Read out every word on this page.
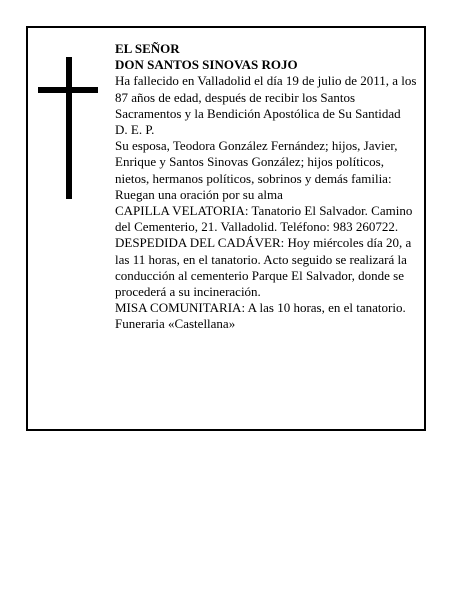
EL SEÑOR

DON SANTOS SINOVAS ROJO

Ha fallecido en Valladolid el día 19 de julio de 2011, a los 87 años de edad, después de recibir los Santos Sacramentos y la Bendición Apostólica de Su Santidad

D. E. P.

Su esposa, Teodora González Fernández; hijos, Javier, Enrique y Santos Sinovas González; hijos políticos, nietos, hermanos políticos, sobrinos y demás familia:

Ruegan una oración por su alma

CAPILLA VELATORIA: Tanatorio El Salvador. Camino del Cementerio, 21. Valladolid. Teléfono: 983 260722.

DESPEDIDA DEL CADÁVER: Hoy miércoles día 20, a las 11 horas, en el tanatorio. Acto seguido se realizará la conducción al cementerio Parque El Salvador, donde se procederá a su incineración.

MISA COMUNITARIA: A las 10 horas, en el tanatorio.

Funeraria «Castellana»
